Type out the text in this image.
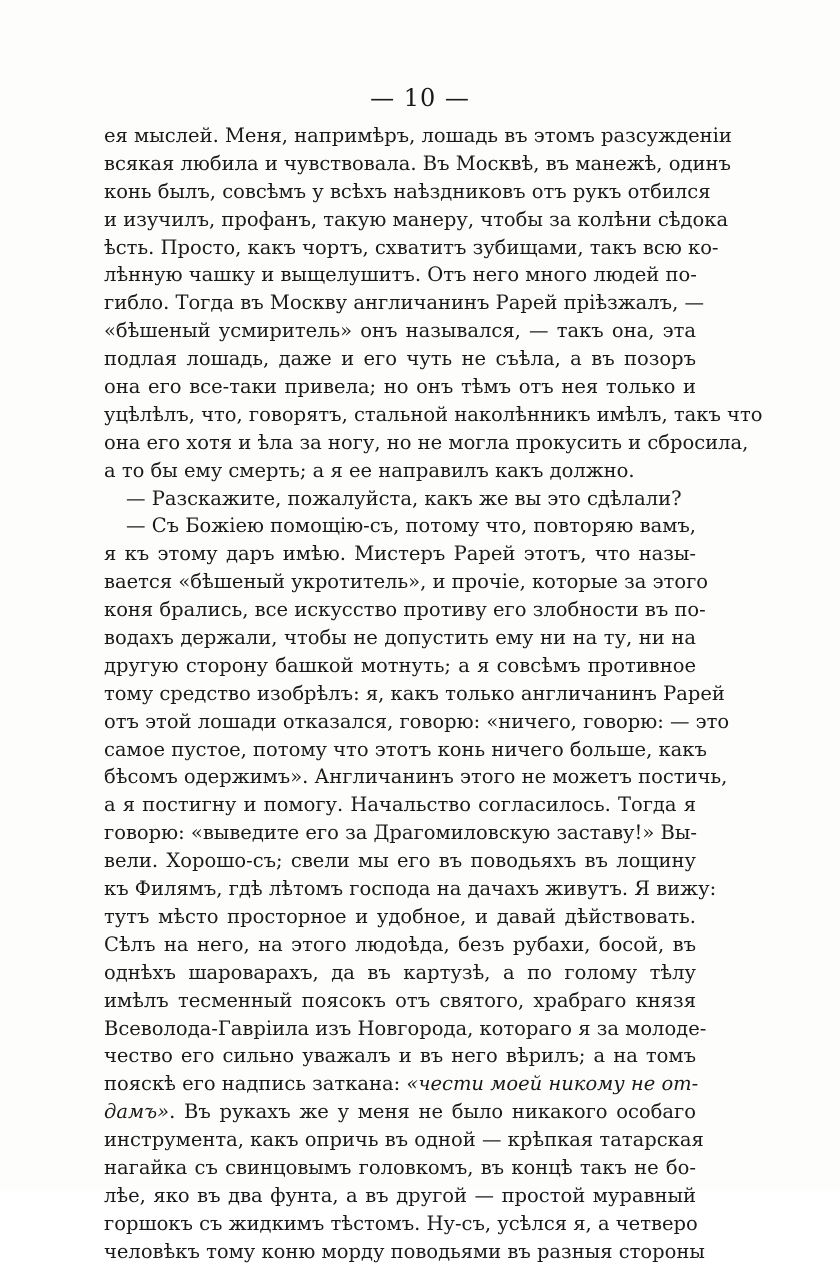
— 10 —
ея мыслей. Меня, напримѣръ, лошадь въ этомъ разсужденіи
всякая любила и чувствовала. Въ Москвѣ, въ манежѣ, одинъ
конь былъ, совсѣмъ у всѣхъ наѣздниковъ отъ рукъ отбился
и изучилъ, профанъ, такую манеру, чтобы за колѣни сѣдока
ѣсть. Просто, какъ чортъ, схватитъ зубищами, такъ всю ко-
лѣнную чашку и выщелушитъ. Отъ него много людей по-
гибло. Тогда въ Москву англичанинъ Рарей пріѣзжалъ, —
«бѣшеный усмиритель» онъ назывался, — такъ она, эта
подлая лошадь, даже и его чуть не съѣла, а въ позоръ
она его все-таки привела; но онъ тѣмъ отъ нея только и
уцѣлѣлъ, что, говорятъ, стальной наколѣнникъ имѣлъ, такъ что
она его хотя и ѣла за ногу, но не могла прокусить и сбросила,
а то бы ему смерть; а я ее направилъ какъ должно.
— Разскажите, пожалуйста, какъ же вы это сдѣлали?
— Съ Божіею помощію-съ, потому что, повторяю вамъ,
я къ этому даръ имѣю. Мистеръ Рарей этотъ, что назы-
вается «бѣшеный укротитель», и прочіе, которые за этого
коня брались, все искусство противу его злобности въ по-
водахъ держали, чтобы не допустить ему ни на ту, ни на
другую сторону башкой мотнуть; а я совсѣмъ противное
тому средство изобрѣлъ: я, какъ только англичанинъ Рарей
отъ этой лошади отказался, говорю: «ничего, говорю: — это
самое пустое, потому что этотъ конь ничего больше, какъ
бѣсомъ одержимъ». Англичанинъ этого не можетъ постичь,
а я постигну и помогу. Начальство согласилось. Тогда я
говорю: «выведите его за Драгомиловскую заставу!» Вы-
вели. Хорошо-съ; свели мы его въ поводьяхъ въ лощину
къ Филямъ, гдѣ лѣтомъ господа на дачахъ живутъ. Я вижу:
тутъ мѣсто просторное и удобное, и давай дѣйствовать.
Сѣлъ на него, на этого людоѣда, безъ рубахи, босой, въ
однѣхъ шароварахъ, да въ картузѣ, а по голому тѣлу
имѣлъ тесменный поясокъ отъ святого, храбраго князя
Всеволода-Гавріила изъ Новгорода, котораго я за молоде-
чество его сильно уважалъ и въ него вѣрилъ; а на томъ
пояскѣ его надпись заткана: «чести моей никому не от-
дамъ». Въ рукахъ же у меня не было никакого особаго
инструмента, какъ опричь въ одной — крѣпкая татарская
нагайка съ свинцовымъ головкомъ, въ концѣ такъ не бо-
лѣе, яко въ два фунта, а въ другой — простой муравный
горшокъ съ жидкимъ тѣстомъ. Ну-съ, усѣлся я, а четверо
человѣкъ тому коню морду поводьями въ разныя стороны
